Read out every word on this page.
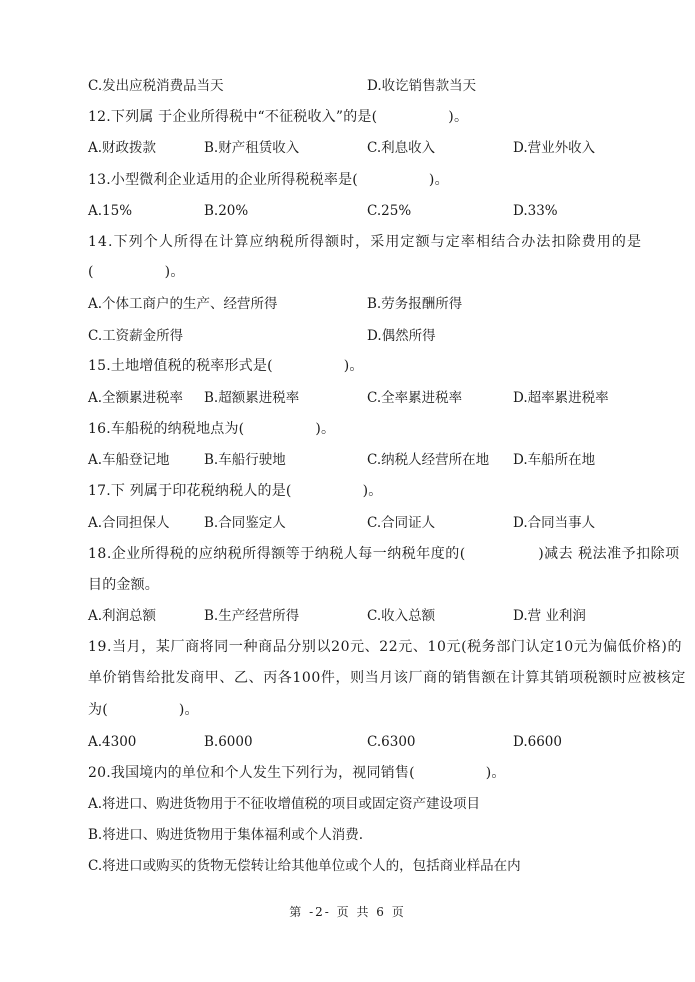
C.发出应税消费品当天	D.收讫销售款当天
12.下列属 于企业所得税中“不征税收入”的是(　　　　　)。
A.财政拨款	B.财产租赁收入	C.利息收入	D.营业外收入
13.小型微利企业适用的企业所得税税率是(　　　　　)。
A.15%	B.20%	C.25%	D.33%
14.下列个人所得在计算应纳税所得额时，采用定额与定率相结合办法扣除费用的是
(　　　　　)。
A.个体工商户的生产、经营所得	B.劳务报酬所得
C.工资薪金所得	D.偶然所得
15.土地增值税的税率形式是(　　　　　)。
A.全额累进税率 B.超额累进税率	C.全率累进税率	D.超率累进税率
16.车船税的纳税地点为(　　　　　)。
A.车船登记地	B.车船行驶地	C.纳税人经营所在地 D.车船所在地
17.下 列属于印花税纳税人的是(　　　　　)。
A.合同担保人	B.合同鉴定人	C.合同证人	D.合同当事人
18.企业所得税的应纳税所得额等于纳税人每一纳税年度的(　　　　　)减去 税法准予扣除项
目的金额。
A.利润总额	B.生产经营所得	C.收入总额	D.营 业利润
19.当月，某厂商将同一种商品分别以20元、22元、10元(税务部门认定10元为偏低价格)的
单价销售给批发商甲、乙、丙各100件，则当月该厂商的销售额在计算其销项税额时应被核定
为(　　　　　)。
A.4300	B.6000	C.6300	D.6600
20.我国境内的单位和个人发生下列行为，视同销售(　　　　　)。
A.将进口、购进货物用于不征收增值税的项目或固定资产建设项目
B.将进口、购进货物用于集体福利或个人消费.
C.将进口或购买的货物无偿转让给其他单位或个人的，包括商业样品在内
第 -2- 页 共 6 页
